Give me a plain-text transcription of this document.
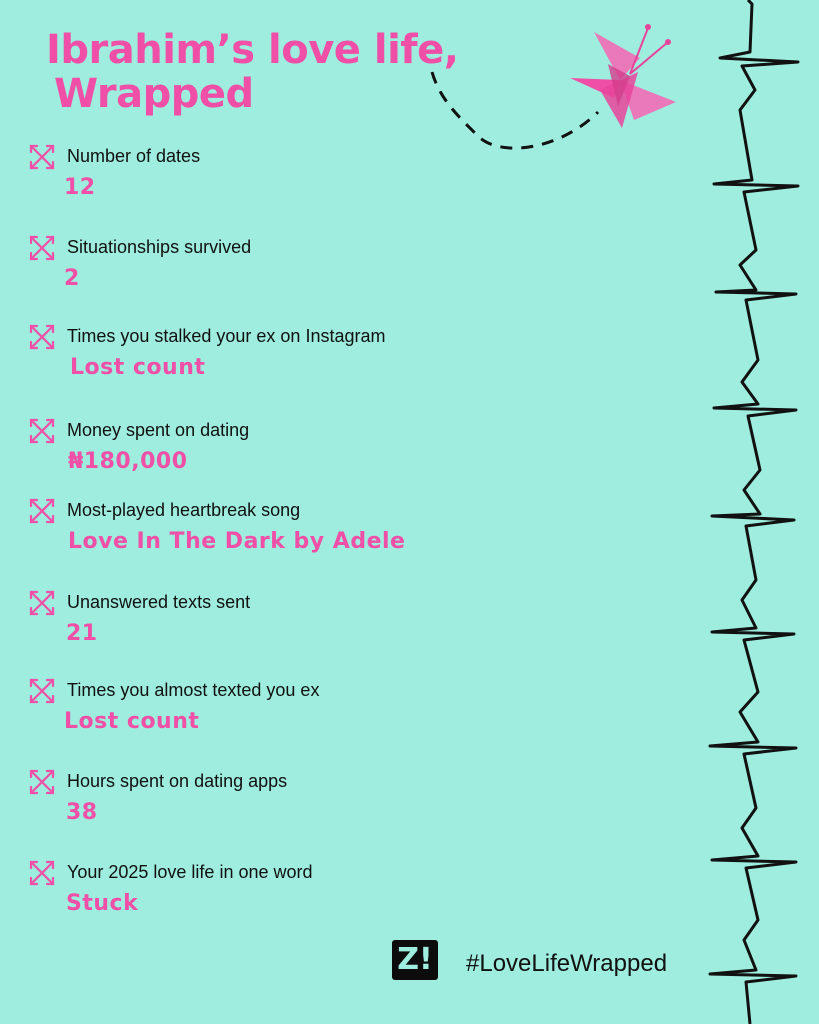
Ibrahim’s love life,
Wrapped
Number of dates
12
Situationships survived
2
Times you stalked your ex on Instagram
Lost count
Money spent on dating
₦180,000
Most-played heartbreak song
Love In The Dark by Adele
Unanswered texts sent
21
Times you almost texted you ex
Lost count
Hours spent on dating apps
38
Your 2025 love life in one word
Stuck
Z! #LoveLifeWrapped
